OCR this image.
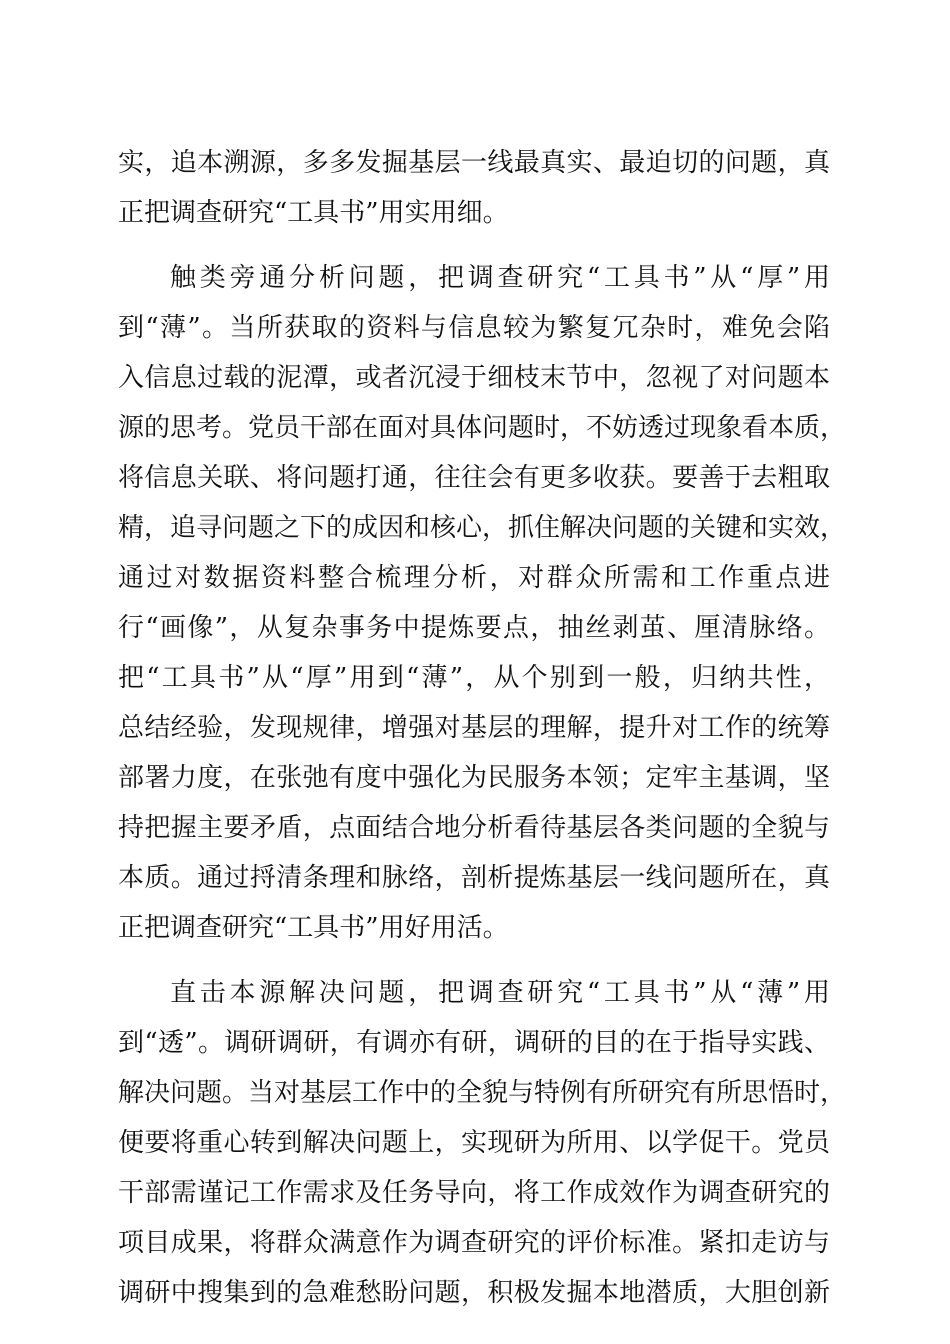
实，追本溯源，多多发掘基层一线最真实、最迫切的问题，真
正把调查研究“工具书”用实用细。
触类旁通分析问题，把调查研究“工具书”从“厚”用
到“薄”。当所获取的资料与信息较为繁复冗杂时，难免会陷
入信息过载的泥潭，或者沉浸于细枝末节中，忽视了对问题本
源的思考。党员干部在面对具体问题时，不妨透过现象看本质，
将信息关联、将问题打通，往往会有更多收获。要善于去粗取
精，追寻问题之下的成因和核心，抓住解决问题的关键和实效，
通过对数据资料整合梳理分析，对群众所需和工作重点进
行“画像”，从复杂事务中提炼要点，抽丝剥茧、厘清脉络。
把“工具书”从“厚”用到“薄”，从个别到一般，归纳共性，
总结经验，发现规律，增强对基层的理解，提升对工作的统筹
部署力度，在张弛有度中强化为民服务本领；定牢主基调，坚
持把握主要矛盾，点面结合地分析看待基层各类问题的全貌与
本质。通过捋清条理和脉络，剖析提炼基层一线问题所在，真
正把调查研究“工具书”用好用活。
直击本源解决问题，把调查研究“工具书”从“薄”用
到“透”。调研调研，有调亦有研，调研的目的在于指导实践、
解决问题。当对基层工作中的全貌与特例有所研究有所思悟时，
便要将重心转到解决问题上，实现研为所用、以学促干。党员
干部需谨记工作需求及任务导向，将工作成效作为调查研究的
项目成果，将群众满意作为调查研究的评价标准。紧扣走访与
调研中搜集到的急难愁盼问题，积极发掘本地潜质，大胆创新
